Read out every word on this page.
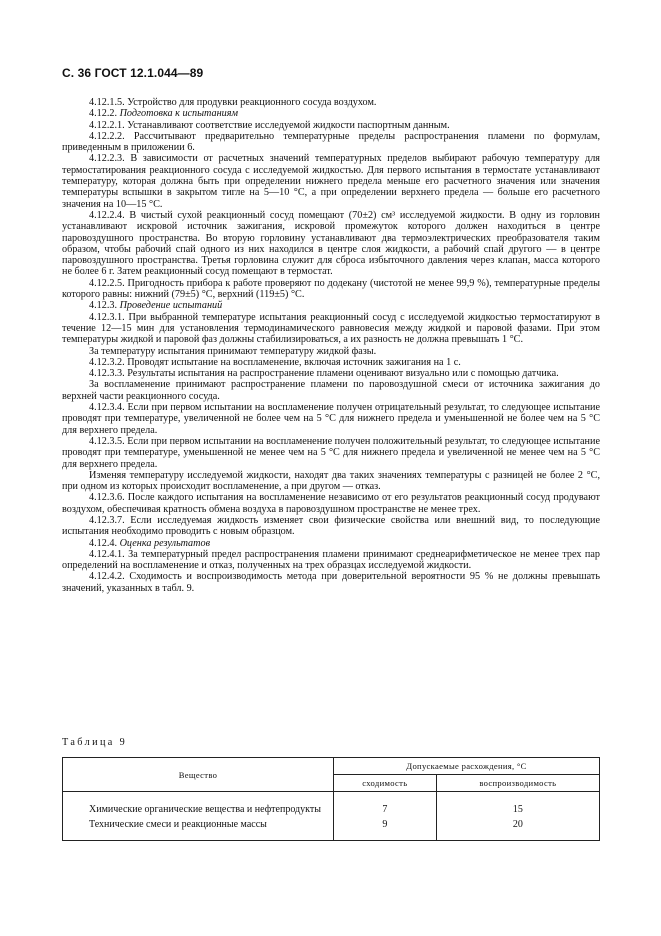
С. 36 ГОСТ 12.1.044—89

4.12.1.5. Устройство для продувки реакционного сосуда воздухом.

4.12.2. Подготовка к испытаниям

4.12.2.1. Устанавливают соответствие исследуемой жидкости паспортным данным.

4.12.2.2. Рассчитывают предварительно температурные пределы распространения пламени по формулам, приведенным в приложении 6.

4.12.2.3. В зависимости от расчетных значений температурных пределов выбирают рабочую температуру для термостатирования реакционного сосуда с исследуемой жидкостью. Для первого испытания в термостате устанавливают температуру, которая должна быть при определении нижнего предела меньше его расчетного значения или значения температуры вспышки в закрытом тигле на 5—10 °С, а при определении верхнего предела — больше его расчетного значения на 10—15 °С.

4.12.2.4. В чистый сухой реакционный сосуд помещают (70±2) см³ исследуемой жидкости. В одну из горловин устанавливают искровой источник зажигания, искровой промежуток которого должен находиться в центре паровоздушного пространства. Во вторую горловину устанавливают два термоэлектрических преобразователя таким образом, чтобы рабочий спай одного из них находился в центре слоя жидкости, а рабочий спай другого — в центре паровоздушного пространства. Третья горловина служит для сброса избыточного давления через клапан, масса которого не более 6 г. Затем реакционный сосуд помещают в термостат.

4.12.2.5. Пригодность прибора к работе проверяют по додекану (чистотой не менее 99,9 %), температурные пределы которого равны: нижний (79±5) °С, верхний (119±5) °С.

4.12.3. Проведение испытаний

4.12.3.1. При выбранной температуре испытания реакционный сосуд с исследуемой жидкостью термостатируют в течение 12—15 мин для установления термодинамического равновесия между жидкой и паровой фазами. При этом температуры жидкой и паровой фаз должны стабилизироваться, а их разность не должна превышать 1 °С.

За температуру испытания принимают температуру жидкой фазы.

4.12.3.2. Проводят испытание на воспламенение, включая источник зажигания на 1 с.

4.12.3.3. Результаты испытания на распространение пламени оценивают визуально или с помощью датчика.

За воспламенение принимают распространение пламени по паровоздушной смеси от источника зажигания до верхней части реакционного сосуда.

4.12.3.4. Если при первом испытании на воспламенение получен отрицательный результат, то следующее испытание проводят при температуре, увеличенной не более чем на 5 °С для нижнего предела и уменьшенной не более чем на 5 °С для верхнего предела.

4.12.3.5. Если при первом испытании на воспламенение получен положительный результат, то следующее испытание проводят при температуре, уменьшенной не менее чем на 5 °С для нижнего предела и увеличенной не менее чем на 5 °С для верхнего предела.

Изменяя температуру исследуемой жидкости, находят два таких значениях температуры с разницей не более 2 °С, при одном из которых происходит воспламенение, а при другом — отказ.

4.12.3.6. После каждого испытания на воспламенение независимо от его результатов реакционный сосуд продувают воздухом, обеспечивая кратность обмена воздуха в паровоздушном пространстве не менее трех.

4.12.3.7. Если исследуемая жидкость изменяет свои физические свойства или внешний вид, то последующие испытания необходимо проводить с новым образцом.

4.12.4. Оценка результатов

4.12.4.1. За температурный предел распространения пламени принимают среднеарифметическое не менее трех пар определений на воспламенение и отказ, полученных на трех образцах исследуемой жидкости.

4.12.4.2. Сходимость и воспроизводимость метода при доверительной вероятности 95 % не должны превышать значений, указанных в табл. 9.

Таблица 9
Вещество	Допускаемые расхождения, °С	
	сходимость	воспроизводимость
Химические органические вещества и нефтепродукты	7	15
Технические смеси и реакционные массы	9	20
